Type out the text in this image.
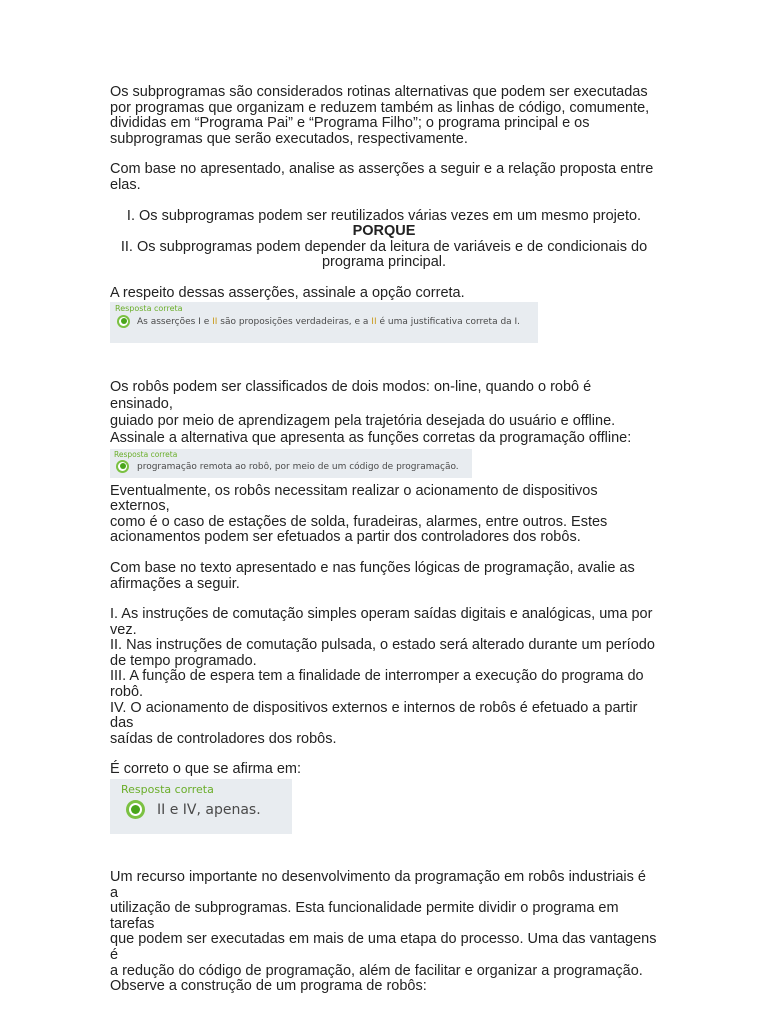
Os subprogramas são considerados rotinas alternativas que podem ser executadas

por programas que organizam e reduzem também as linhas de código, comumente,

divididas em “Programa Pai” e “Programa Filho”; o programa principal e os

subprogramas que serão executados, respectivamente.

Com base no apresentado, analise as asserções a seguir e a relação proposta entre

elas.

I. Os subprogramas podem ser reutilizados várias vezes em um mesmo projeto.

PORQUE

II. Os subprogramas podem depender da leitura de variáveis e de condicionais do

programa principal.

A respeito dessas asserções, assinale a opção correta.

Resposta correta
As asserções I e II são proposições verdadeiras, e a II é uma justificativa correta da I.

Os robôs podem ser classificados de dois modos: on-line, quando o robô é ensinado,

guiado por meio de aprendizagem pela trajetória desejada do usuário e offline.

Assinale a alternativa que apresenta as funções corretas da programação offline:

Resposta correta
programação remota ao robô, por meio de um código de programação.

Eventualmente, os robôs necessitam realizar o acionamento de dispositivos externos,

como é o caso de estações de solda, furadeiras, alarmes, entre outros. Estes

acionamentos podem ser efetuados a partir dos controladores dos robôs.

Com base no texto apresentado e nas funções lógicas de programação, avalie as

afirmações a seguir.

I. As instruções de comutação simples operam saídas digitais e analógicas, uma por

vez.

II. Nas instruções de comutação pulsada, o estado será alterado durante um período

de tempo programado.

III. A função de espera tem a finalidade de interromper a execução do programa do

robô.

IV. O acionamento de dispositivos externos e internos de robôs é efetuado a partir das

saídas de controladores dos robôs.

É correto o que se afirma em:

Resposta correta
II e IV, apenas.

Um recurso importante no desenvolvimento da programação em robôs industriais é a

utilização de subprogramas. Esta funcionalidade permite dividir o programa em tarefas

que podem ser executadas em mais de uma etapa do processo. Uma das vantagens é

a redução do código de programação, além de facilitar e organizar a programação.

Observe a construção de um programa de robôs:
